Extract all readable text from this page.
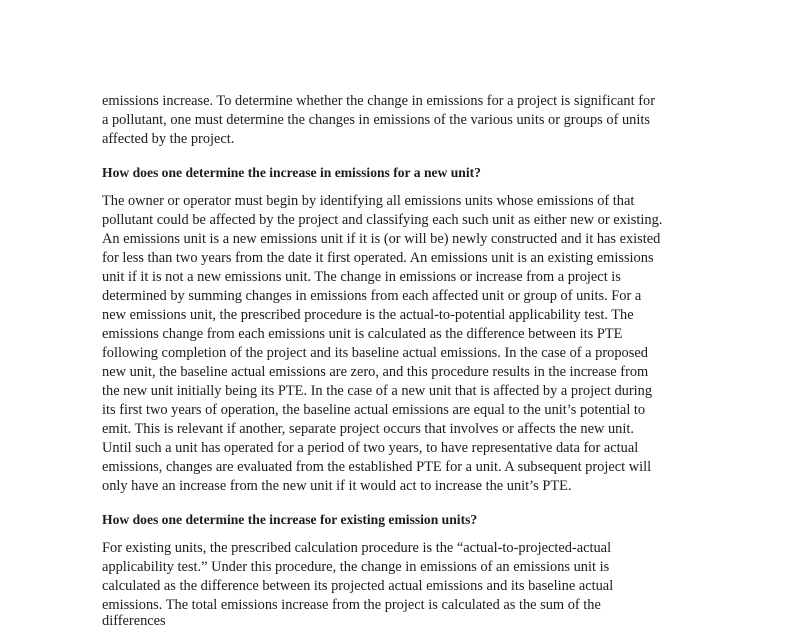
emissions increase. To determine whether the change in emissions for a project is significant for
a pollutant, one must determine the changes in emissions of the various units or groups of units
affected by the project.
How does one determine the increase in emissions for a new unit?
The owner or operator must begin by identifying all emissions units whose emissions of that
pollutant could be affected by the project and classifying each such unit as either new or existing.
An emissions unit is a new emissions unit if it is (or will be) newly constructed and it has existed
for less than two years from the date it first operated. An emissions unit is an existing emissions
unit if it is not a new emissions unit. The change in emissions or increase from a project is
determined by summing changes in emissions from each affected unit or group of units. For a
new emissions unit, the prescribed procedure is the actual-to-potential applicability test. The
emissions change from each emissions unit is calculated as the difference between its PTE
following completion of the project and its baseline actual emissions. In the case of a proposed
new unit, the baseline actual emissions are zero, and this procedure results in the increase from
the new unit initially being its PTE. In the case of a new unit that is affected by a project during
its first two years of operation, the baseline actual emissions are equal to the unit’s potential to
emit. This is relevant if another, separate project occurs that involves or affects the new unit.
Until such a unit has operated for a period of two years, to have representative data for actual
emissions, changes are evaluated from the established PTE for a unit. A subsequent project will
only have an increase from the new unit if it would act to increase the unit’s PTE.
How does one determine the increase for existing emission units?
For existing units, the prescribed calculation procedure is the “actual-to-projected-actual
applicability test.” Under this procedure, the change in emissions of an emissions unit is
calculated as the difference between its projected actual emissions and its baseline actual
emissions. The total emissions increase from the project is calculated as the sum of the
differences
